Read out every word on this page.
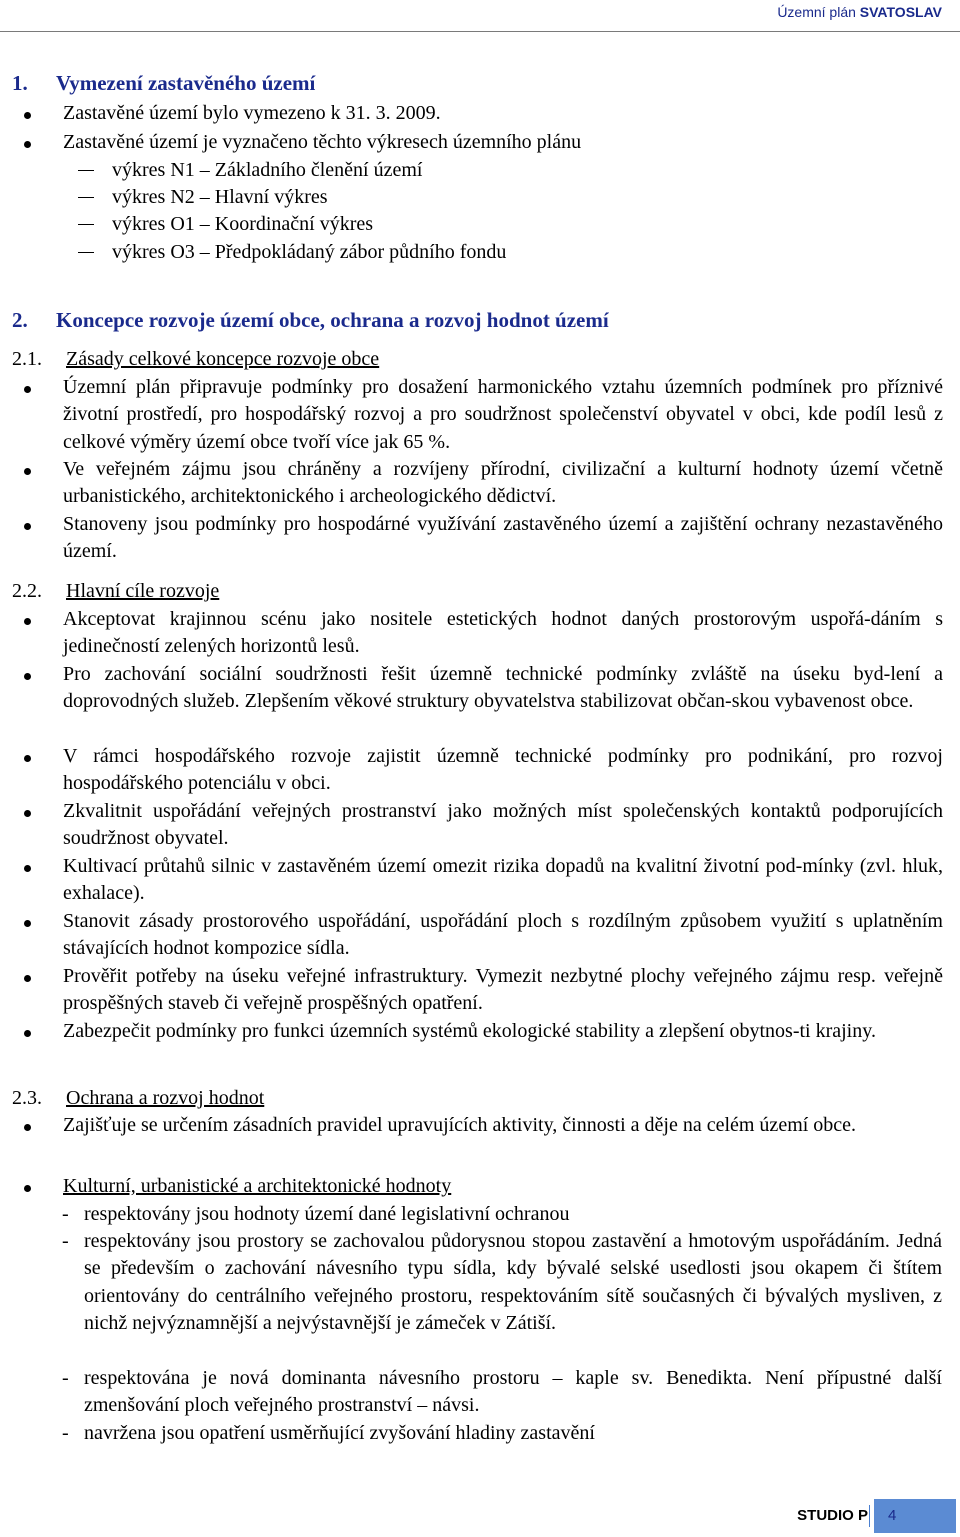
Územní plán SVATOSLAV
1. Vymezení zastavěného území
Zastavěné území bylo vymezeno k 31. 3. 2009.
Zastavěné území je vyznačeno těchto výkresech územního plánu
výkres N1 – Základního členění území
výkres N2 – Hlavní výkres
výkres O1 – Koordinační výkres
výkres O3 – Předpokládaný zábor půdního fondu
2. Koncepce rozvoje území obce, ochrana a rozvoj hodnot území
2.1. Zásady celkové koncepce rozvoje obce
Územní plán připravuje podmínky pro dosažení harmonického vztahu územních podmínek pro příznivé životní prostředí, pro hospodářský rozvoj a pro soudržnost společenství obyvatel v obci, kde podíl lesů z celkové výměry území obce tvoří více jak 65 %.
Ve veřejném zájmu jsou chráněny a rozvíjeny přírodní, civilizační a kulturní hodnoty území včetně urbanistického, architektonického i archeologického dědictví.
Stanoveny jsou podmínky pro hospodárné využívání zastavěného území a zajištění ochrany nezastavěného území.
2.2. Hlavní cíle rozvoje
Akceptovat krajinnou scénu jako nositele estetických hodnot daných prostorovým uspořá-dáním s jedinečností zelených horizontů lesů.
Pro zachování sociální soudržnosti řešit územně technické podmínky zvláště na úseku byd-lení a doprovodných služeb. Zlepšením věkové struktury obyvatelstva stabilizovat občan-skou vybavenost obce.
V rámci hospodářského rozvoje zajistit územně technické podmínky pro podnikání, pro rozvoj hospodářského potenciálu v obci.
Zkvalitnit uspořádání veřejných prostranství jako možných míst společenských kontaktů podporujících soudržnost obyvatel.
Kultivací průtahů silnic v zastavěném území omezit rizika dopadů na kvalitní životní pod-mínky (zvl. hluk, exhalace).
Stanovit zásady prostorového uspořádání, uspořádání ploch s rozdílným způsobem využití s uplatněním stávajících hodnot kompozice sídla.
Prověřit potřeby na úseku veřejné infrastruktury. Vymezit nezbytné plochy veřejného zájmu resp. veřejně prospěšných staveb či veřejně prospěšných opatření.
Zabezpečit podmínky pro funkci územních systémů ekologické stability a zlepšení obytnos-ti krajiny.
2.3. Ochrana a rozvoj hodnot
Zajišťuje se určením zásadních pravidel upravujících aktivity, činnosti a děje na celém území obce.
Kulturní, urbanistické a architektonické hodnoty
- respektovány jsou hodnoty území dané legislativní ochranou
- respektovány jsou prostory se zachovalou půdorysnou stopou zastavění a hmotovým uspořádáním. Jedná se především o zachování návesního typu sídla, kdy bývalé selské usedlosti jsou okapem či štítem orientovány do centrálního veřejného prostoru, respektováním sítě současných či bývalých mysliven, z nichž nejvýznamnější a nejvýstavnější je zámeček v Zátiší.
- respektována je nová dominanta návesního prostoru – kaple sv. Benedikta. Není přípustné další zmenšování ploch veřejného prostranství – návsi.
- navržena jsou opatření usměrňující zvyšování hladiny zastavění
STUDIO P	4
